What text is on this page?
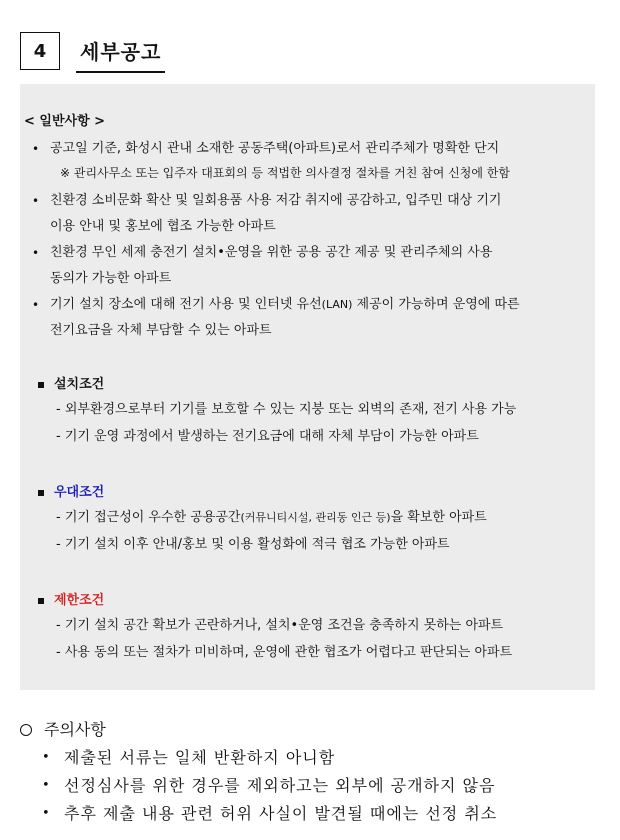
4	세부공고
< 일반사항 >
• 공고일 기준, 화성시 관내 소재한 공동주택(아파트)로서 관리주체가 명확한 단지
※ 관리사무소 또는 입주자 대표회의 등 적법한 의사결정 절차를 거친 참여 신청에 한함
• 친환경 소비문화 확산 및 일회용품 사용 저감 취지에 공감하고, 입주민 대상 기기
이용 안내 및 홍보에 협조 가능한 아파트
• 친환경 무인 세제 충전기 설치•운영을 위한 공용 공간 제공 및 관리주체의 사용
동의가 가능한 아파트
• 기기 설치 장소에 대해 전기 사용 및 인터넷 유선(LAN) 제공이 가능하며 운영에 따른
전기요금을 자체 부담할 수 있는 아파트
설치조건
- 외부환경으로부터 기기를 보호할 수 있는 지붕 또는 외벽의 존재, 전기 사용 가능
- 기기 운영 과정에서 발생하는 전기요금에 대해 자체 부담이 가능한 아파트
우대조건
- 기기 접근성이 우수한 공용공간(커뮤니티시설, 관리동 인근 등)을 확보한 아파트
- 기기 설치 이후 안내/홍보 및 이용 활성화에 적극 협조 가능한 아파트
제한조건
- 기기 설치 공간 확보가 곤란하거나, 설치•운영 조건을 충족하지 못하는 아파트
- 사용 동의 또는 절차가 미비하며, 운영에 관한 협조가 어렵다고 판단되는 아파트
주의사항
• 제출된 서류는 일체 반환하지 아니함
• 선정심사를 위한 경우를 제외하고는 외부에 공개하지 않음
• 추후 제출 내용 관련 허위 사실이 발견될 때에는 선정 취소
